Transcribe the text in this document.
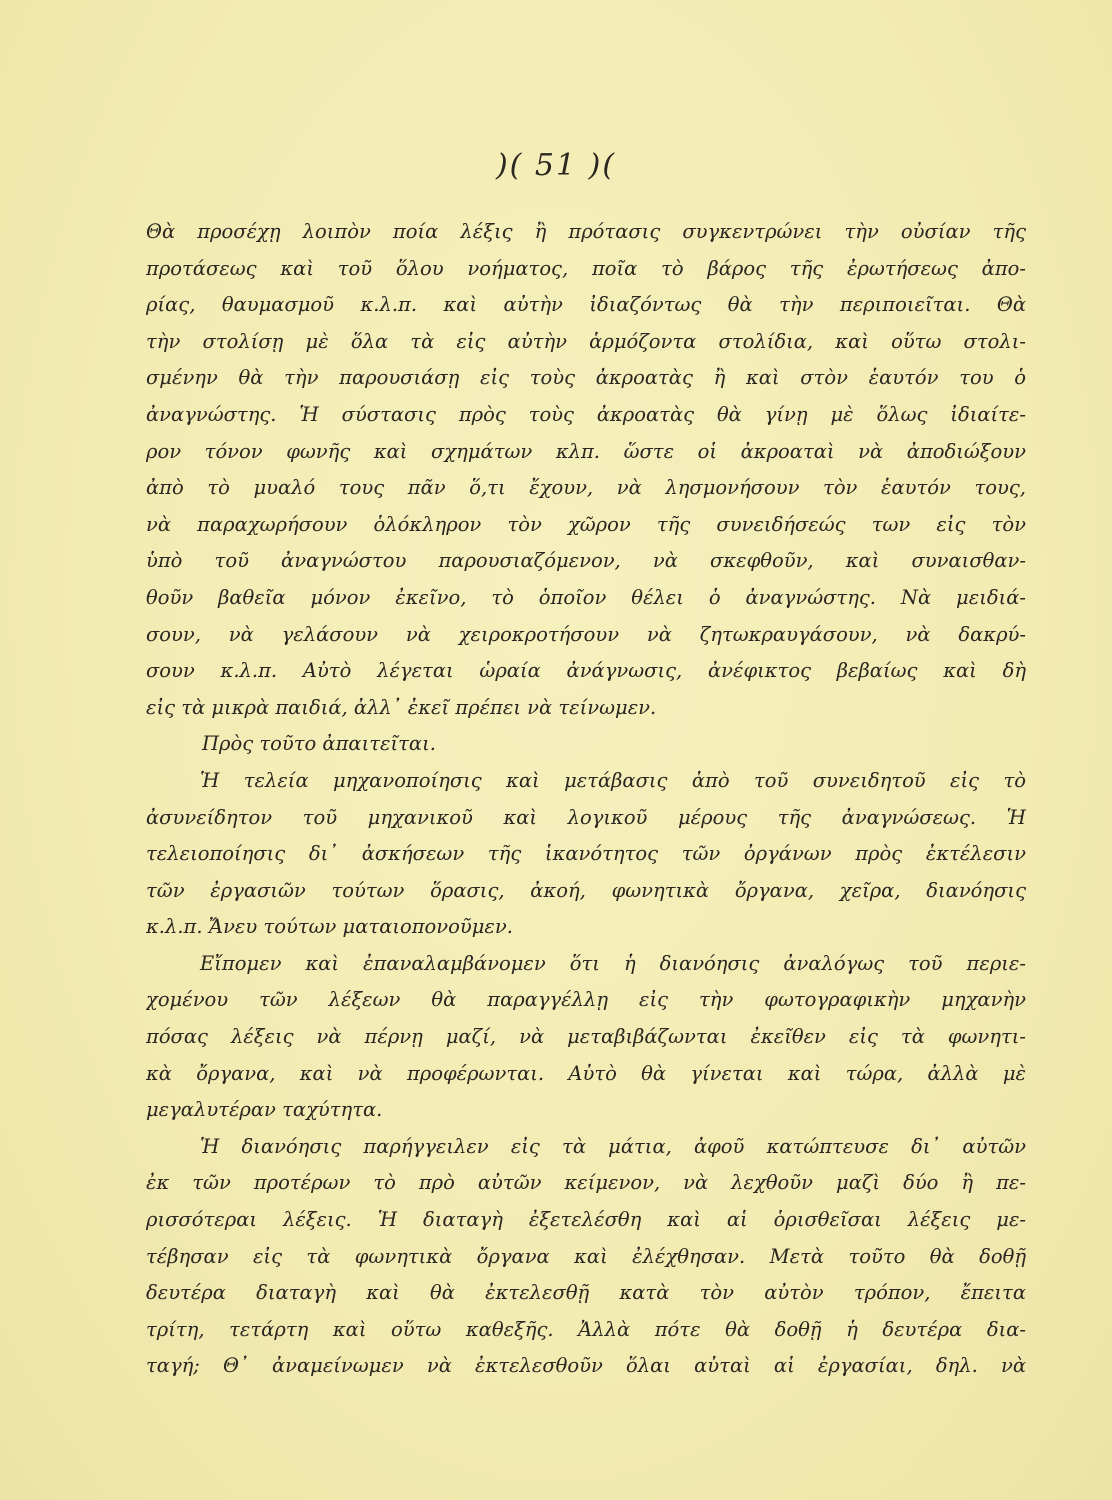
)( 51 )(
Θὰ προσέχῃ λοιπὸν ποία λέξις ἢ πρότασις συγκεντρώνει τὴν οὐσίαν τῆς
προτάσεως καὶ τοῦ ὅλου νοήματος, ποῖα τὸ βάρος τῆς ἐρωτήσεως ἀπο-
ρίας, θαυμασμοῦ κ.λ.π. καὶ αὐτὴν ἰδιαζόντως θὰ τὴν περιποιεῖται. Θὰ
τὴν στολίσῃ μὲ ὅλα τὰ εἰς αὐτὴν ἁρμόζοντα στολίδια, καὶ οὕτω στολι-
σμένην θὰ τὴν παρουσιάσῃ εἰς τοὺς ἀκροατὰς ἢ καὶ στὸν ἑαυτόν του ὁ
ἀναγνώστης. Ἡ σύστασις πρὸς τοὺς ἀκροατὰς θὰ γίνῃ μὲ ὅλως ἰδιαίτε-
ρον τόνον φωνῆς καὶ σχημάτων κλπ. ὥστε οἱ ἀκροαταὶ νὰ ἀποδιώξουν
ἀπὸ τὸ μυαλό τους πᾶν ὅ,τι ἔχουν, νὰ λησμονήσουν τὸν ἑαυτόν τους,
νὰ παραχωρήσουν ὁλόκληρον τὸν χῶρον τῆς συνειδήσεώς των εἰς τὸν
ὑπὸ τοῦ ἀναγνώστου παρουσιαζόμενον, νὰ σκεφθοῦν, καὶ συναισθαν-
θοῦν βαθεῖα μόνον ἐκεῖνο, τὸ ὁποῖον θέλει ὁ ἀναγνώστης. Νὰ μειδιά-
σουν, νὰ γελάσουν νὰ χειροκροτήσουν νὰ ζητωκραυγάσουν, νὰ δακρύ-
σουν κ.λ.π. Αὐτὸ λέγεται ὡραία ἀνάγνωσις, ἀνέφικτος βεβαίως καὶ δὴ
εἰς τὰ μικρὰ παιδιά, ἀλλ᾿ ἐκεῖ πρέπει νὰ τείνωμεν.
Πρὸς τοῦτο ἀπαιτεῖται.
Ἡ τελεία μηχανοποίησις καὶ μετάβασις ἀπὸ τοῦ συνειδητοῦ εἰς τὸ
ἀσυνείδητον τοῦ μηχανικοῦ καὶ λογικοῦ μέρους τῆς ἀναγνώσεως. Ἡ
τελειοποίησις δι᾿ ἀσκήσεων τῆς ἱκανότητος τῶν ὀργάνων πρὸς ἐκτέλεσιν
τῶν ἐργασιῶν τούτων ὅρασις, ἀκοή, φωνητικὰ ὄργανα, χεῖρα, διανόησις
κ.λ.π. Ἄνευ τούτων ματαιοπονοῦμεν.
Εἴπομεν καὶ ἐπαναλαμβάνομεν ὅτι ἡ διανόησις ἀναλόγως τοῦ περιε-
χομένου τῶν λέξεων θὰ παραγγέλλῃ εἰς τὴν φωτογραφικὴν μηχανὴν
πόσας λέξεις νὰ πέρνῃ μαζί, νὰ μεταβιβάζωνται ἐκεῖθεν εἰς τὰ φωνητι-
κὰ ὄργανα, καὶ νὰ προφέρωνται. Αὐτὸ θὰ γίνεται καὶ τώρα, ἀλλὰ μὲ
μεγαλυτέραν ταχύτητα.
Ἡ διανόησις παρήγγειλεν εἰς τὰ μάτια, ἀφοῦ κατώπτευσε δι᾿ αὐτῶν
ἐκ τῶν προτέρων τὸ πρὸ αὐτῶν κείμενον, νὰ λεχθοῦν μαζὶ δύο ἢ πε-
ρισσότεραι λέξεις. Ἡ διαταγὴ ἐξετελέσθη καὶ αἱ ὁρισθεῖσαι λέξεις με-
τέβησαν εἰς τὰ φωνητικὰ ὄργανα καὶ ἐλέχθησαν. Μετὰ τοῦτο θὰ δοθῇ
δευτέρα διαταγὴ καὶ θὰ ἐκτελεσθῇ κατὰ τὸν αὐτὸν τρόπον, ἔπειτα
τρίτη, τετάρτη καὶ οὕτω καθεξῆς. Ἀλλὰ πότε θὰ δοθῇ ἡ δευτέρα δια-
ταγή; Θ᾿ ἀναμείνωμεν νὰ ἐκτελεσθοῦν ὅλαι αὐταὶ αἱ ἐργασίαι, δηλ. νὰ
